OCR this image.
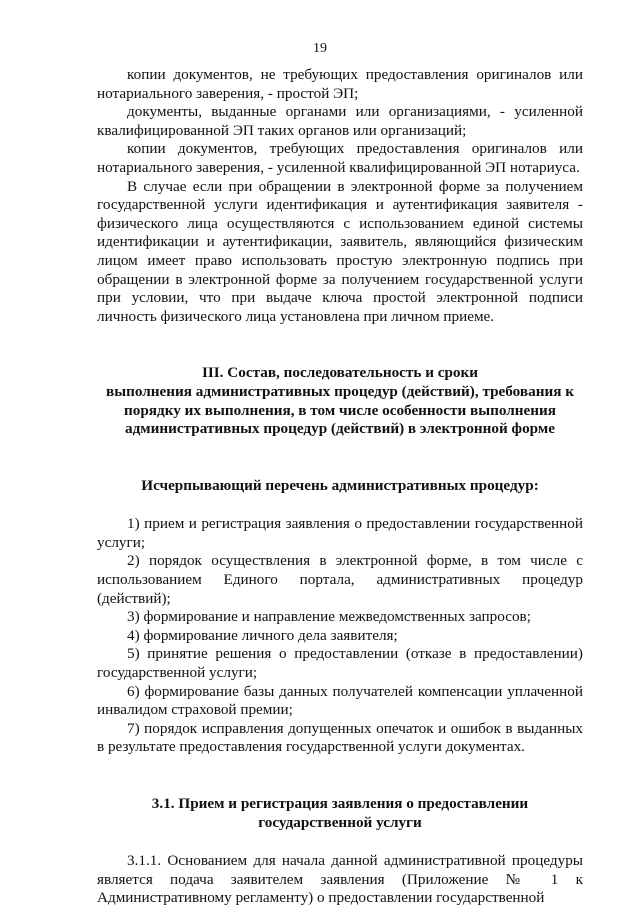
19

копии документов, не требующих предоставления оригиналов или нотариального заверения, - простой ЭП;

документы, выданные органами или организациями, - усиленной квалифицированной ЭП таких органов или организаций;

копии документов, требующих предоставления оригиналов или нотариального заверения, - усиленной квалифицированной ЭП нотариуса.

В случае если при обращении в электронной форме за получением государственной услуги идентификация и аутентификация заявителя - физического лица осуществляются с использованием единой системы идентификации и аутентификации, заявитель, являющийся физическим лицом имеет право использовать простую электронную подпись при обращении в электронной форме за получением государственной услуги при условии, что при выдаче ключа простой электронной подписи личность физического лица установлена при личном приеме.

III. Состав, последовательность и сроки
выполнения административных процедур (действий), требования к
порядку их выполнения, в том числе особенности выполнения
административных процедур (действий) в электронной форме
Исчерпывающий перечень административных процедур:

1) прием и регистрация заявления о предоставлении государственной услуги;

2) порядок осуществления в электронной форме, в том числе с использованием Единого портала, административных процедур (действий);

3) формирование и направление межведомственных запросов;

4) формирование личного дела заявителя;

5) принятие решения о предоставлении (отказе в предоставлении) государственной услуги;

6) формирование базы данных получателей компенсации уплаченной инвалидом страховой премии;

7) порядок исправления допущенных опечаток и ошибок в выданных в результате предоставления государственной услуги документах.

3.1. Прием и регистрация заявления о предоставлении
государственной услуги

3.1.1. Основанием для начала данной административной процедуры является подача заявителем заявления (Приложение № 1 к Административному регламенту) о предоставлении государственной
